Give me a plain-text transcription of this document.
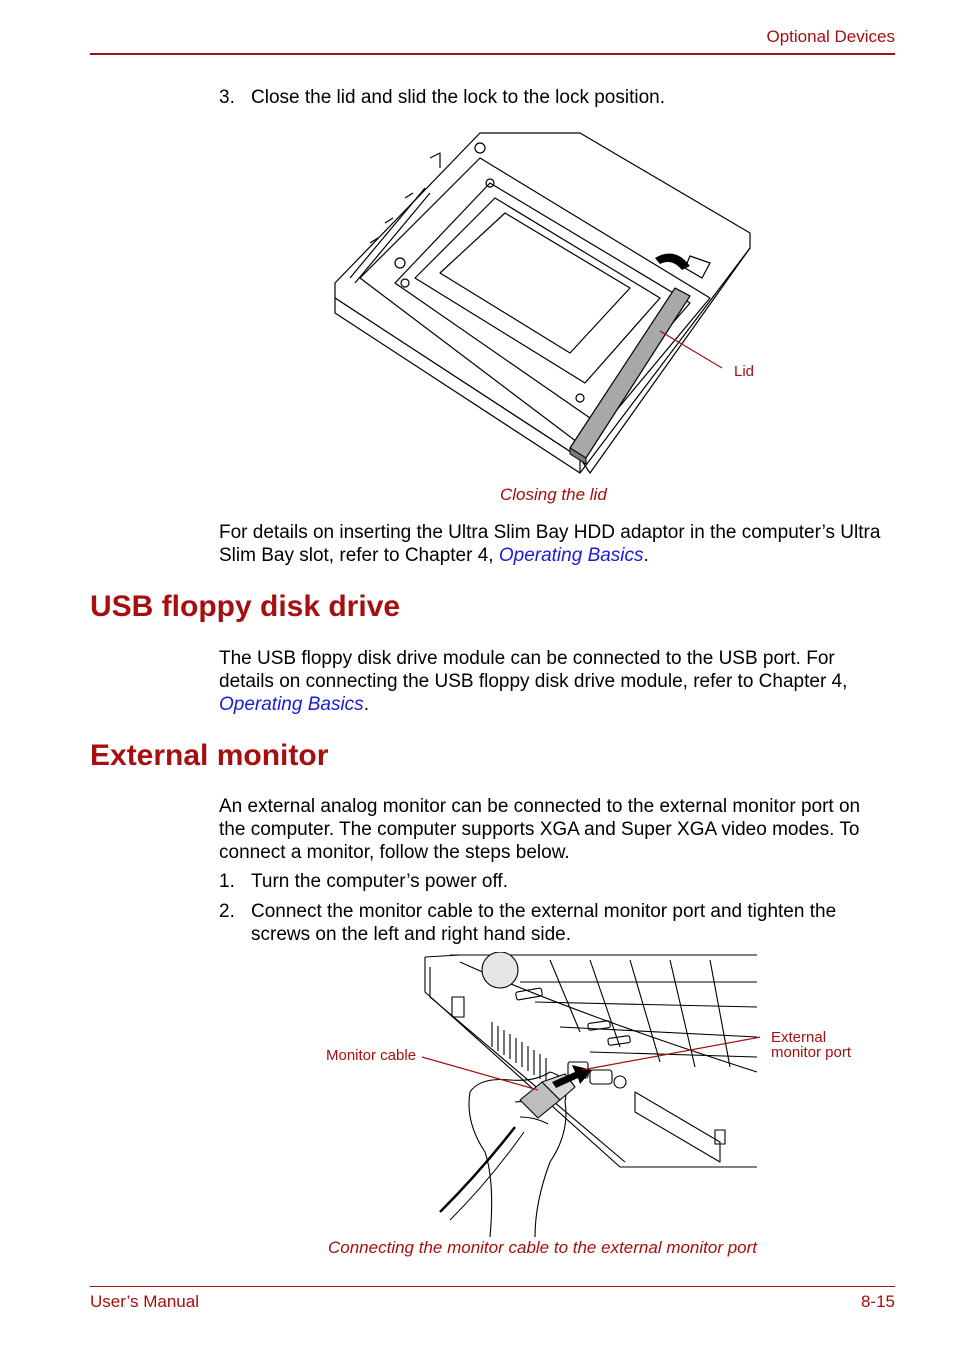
Optional Devices
3. Close the lid and slid the lock to the lock position.
Lid
Closing the lid
For details on inserting the Ultra Slim Bay HDD adaptor in the computer’s Ultra Slim Bay slot, refer to Chapter 4, Operating Basics.
USB floppy disk drive
The USB floppy disk drive module can be connected to the USB port. For details on connecting the USB floppy disk drive module, refer to Chapter 4, Operating Basics.
External monitor
An external analog monitor can be connected to the external monitor port on the computer. The computer supports XGA and Super XGA video modes. To connect a monitor, follow the steps below.
1. Turn the computer’s power off.
2. Connect the monitor cable to the external monitor port and tighten the screws on the left and right hand side.
Monitor cable
External
monitor port
Connecting the monitor cable to the external monitor port
User’s Manual	8-15
